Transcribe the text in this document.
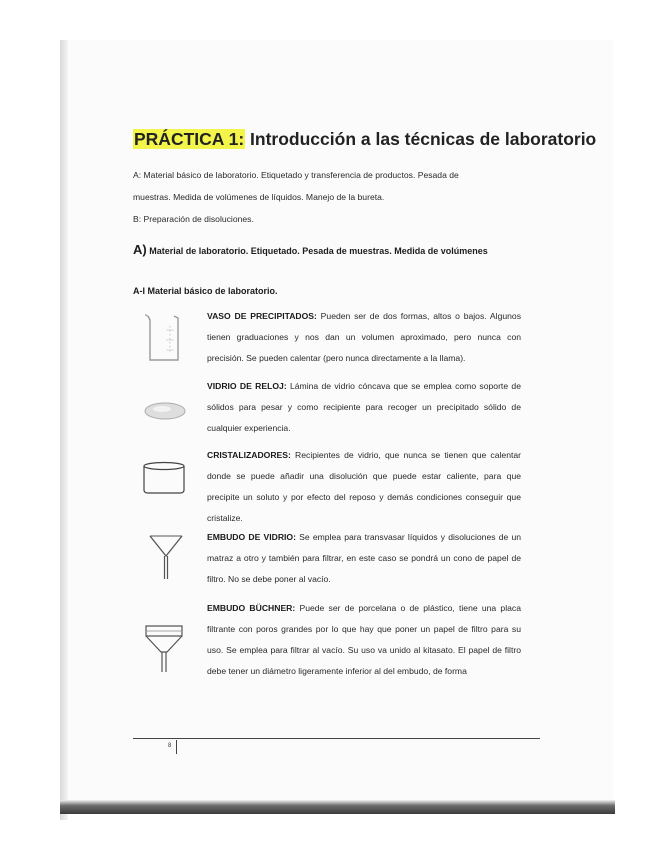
PRÁCTICA 1: Introducción a las técnicas de laboratorio
A: Material básico de laboratorio. Etiquetado y transferencia de productos. Pesada de
muestras. Medida de volúmenes de líquidos. Manejo de la bureta.
B: Preparación de disoluciones.
A) Material de laboratorio. Etiquetado. Pesada de muestras. Medida de volúmenes
A-I Material básico de laboratorio.
VASO DE PRECIPITADOS: Pueden ser de dos formas, altos o bajos. Algunos tienen graduaciones y nos dan un volumen aproximado, pero nunca con precisión. Se pueden calentar (pero nunca directamente a la llama).
VIDRIO DE RELOJ: Lámina de vidrio cóncava que se emplea como soporte de sólidos para pesar y como recipiente para recoger un precipitado sólido de cualquier experiencia.
CRISTALIZADORES: Recipientes de vidrio, que nunca se tienen que calentar donde se puede añadir una disolución que puede estar caliente, para que precipite un soluto y por efecto del reposo y demás condiciones conseguir que cristalize.
EMBUDO DE VIDRIO: Se emplea para transvasar líquidos y disoluciones de un matraz a otro y también para filtrar, en este caso se pondrá un cono de papel de filtro. No se debe poner al vacío.
EMBUDO BÜCHNER: Puede ser de porcelana o de plástico, tiene una placa filtrante con poros grandes por lo que hay que poner un papel de filtro para su uso. Se emplea para filtrar al vacío. Su uso va unido al kitasato. El papel de filtro debe tener un diámetro ligeramente inferior al del embudo, de forma
8
